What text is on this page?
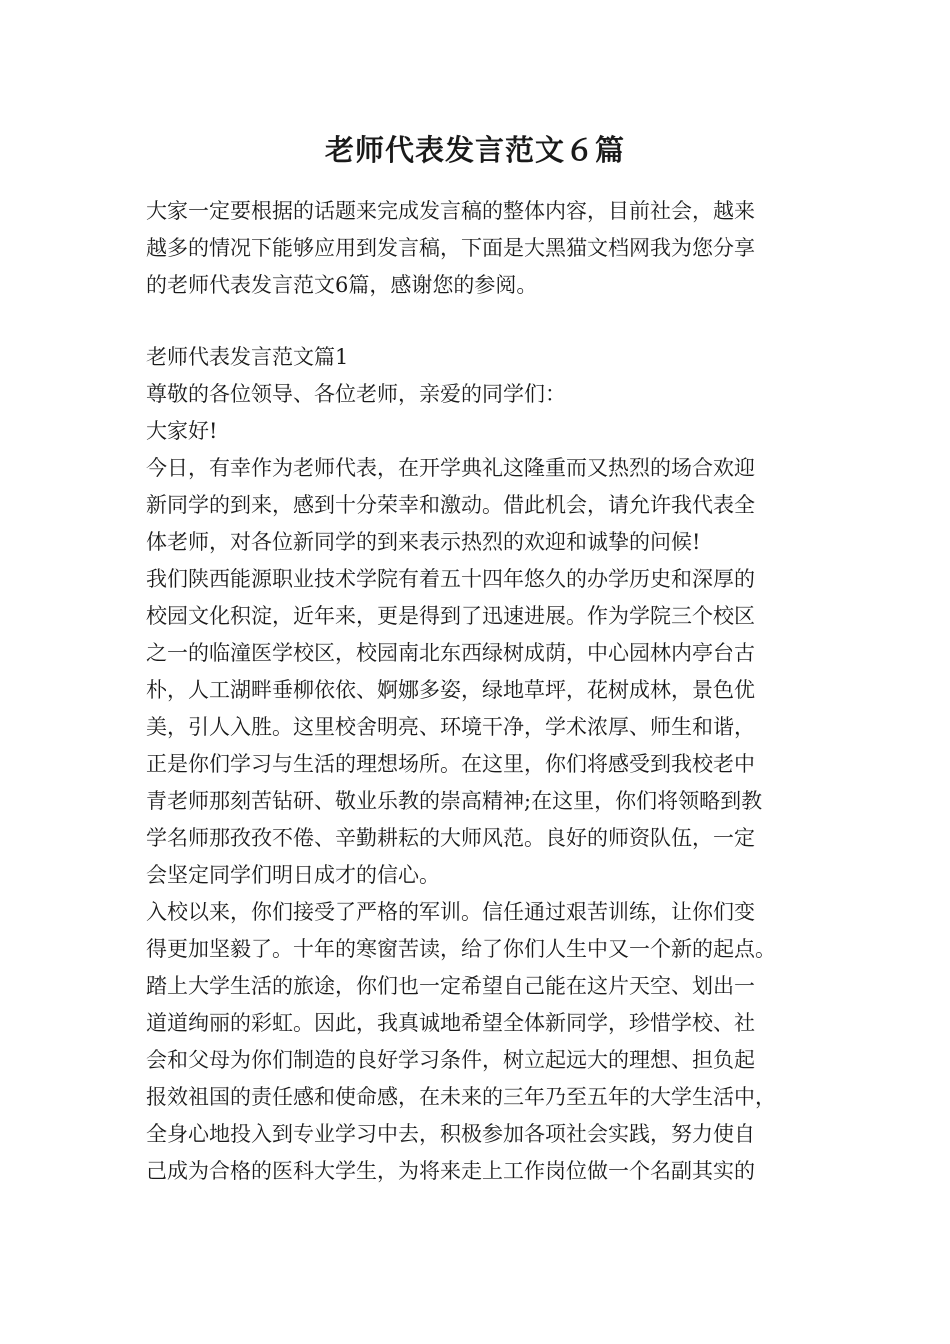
老师代表发言范文６篇
大家一定要根据的话题来完成发言稿的整体内容，目前社会，越来
越多的情况下能够应用到发言稿，下面是大黑猫文档网我为您分享
的老师代表发言范文6篇，感谢您的参阅。
老师代表发言范文篇1
尊敬的各位领导、各位老师，亲爱的同学们：
大家好!
今日，有幸作为老师代表，在开学典礼这隆重而又热烈的场合欢迎
新同学的到来，感到十分荣幸和激动。借此机会，请允许我代表全
体老师，对各位新同学的到来表示热烈的欢迎和诚挚的问候!
我们陕西能源职业技术学院有着五十四年悠久的办学历史和深厚的
校园文化积淀，近年来，更是得到了迅速进展。作为学院三个校区
之一的临潼医学校区，校园南北东西绿树成荫，中心园林内亭台古
朴，人工湖畔垂柳依依、婀娜多姿，绿地草坪，花树成林，景色优
美，引人入胜。这里校舍明亮、环境干净，学术浓厚、师生和谐，
正是你们学习与生活的理想场所。在这里，你们将感受到我校老中
青老师那刻苦钻研、敬业乐教的崇高精神;在这里，你们将领略到教
学名师那孜孜不倦、辛勤耕耘的大师风范。良好的师资队伍，一定
会坚定同学们明日成才的信心。
入校以来，你们接受了严格的军训。信任通过艰苦训练，让你们变
得更加坚毅了。十年的寒窗苦读，给了你们人生中又一个新的起点。
踏上大学生活的旅途，你们也一定希望自己能在这片天空、划出一
道道绚丽的彩虹。因此，我真诚地希望全体新同学，珍惜学校、社
会和父母为你们制造的良好学习条件，树立起远大的理想、担负起
报效祖国的责任感和使命感，在未来的三年乃至五年的大学生活中，
全身心地投入到专业学习中去，积极参加各项社会实践，努力使自
己成为合格的医科大学生，为将来走上工作岗位做一个名副其实的
